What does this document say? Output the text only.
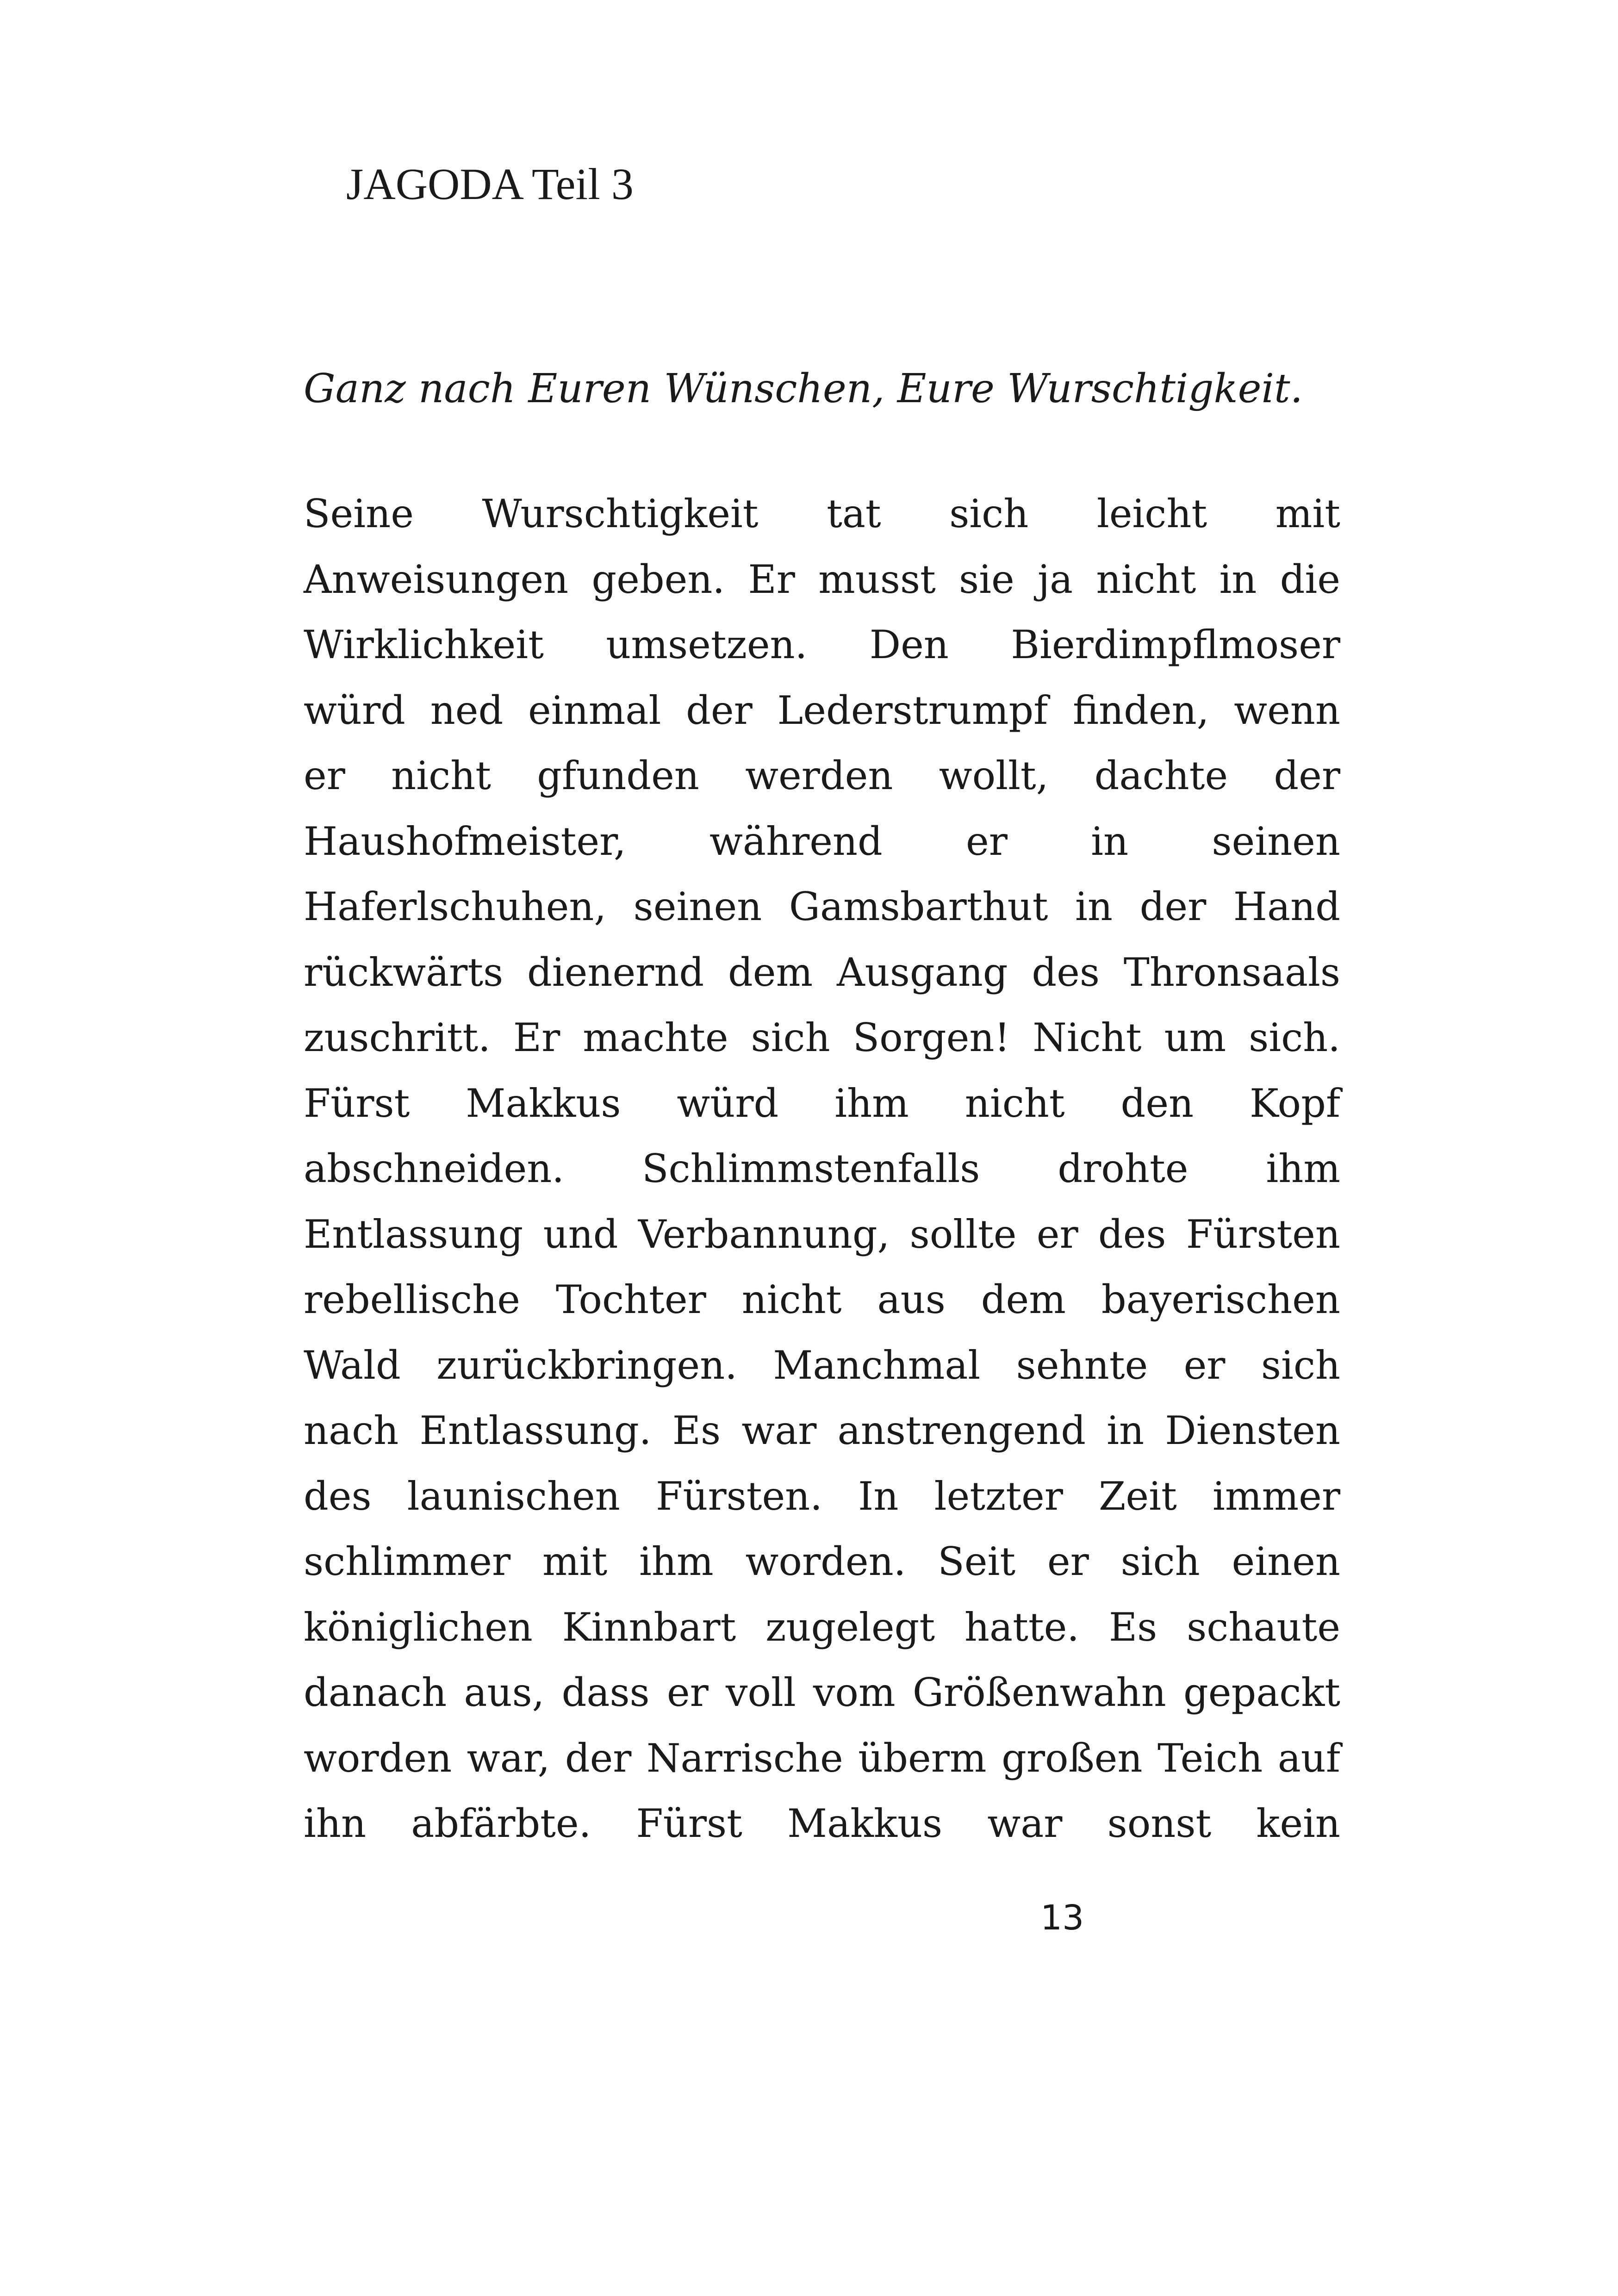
JAGODA Teil 3
Ganz nach Euren Wünschen, Eure Wurschtigkeit.
Seine Wurschtigkeit tat sich leicht mit
Anweisungen geben. Er musst sie ja nicht in die
Wirklichkeit umsetzen. Den Bierdimpflmoser
würd ned einmal der Lederstrumpf finden, wenn
er nicht gfunden werden wollt, dachte der
Haushofmeister, während er in seinen
Haferlschuhen, seinen Gamsbarthut in der Hand
rückwärts dienernd dem Ausgang des Thronsaals
zuschritt. Er machte sich Sorgen! Nicht um sich.
Fürst Makkus würd ihm nicht den Kopf
abschneiden. Schlimmstenfalls drohte ihm
Entlassung und Verbannung, sollte er des Fürsten
rebellische Tochter nicht aus dem bayerischen
Wald zurückbringen. Manchmal sehnte er sich
nach Entlassung. Es war anstrengend in Diensten
des launischen Fürsten. In letzter Zeit immer
schlimmer mit ihm worden. Seit er sich einen
königlichen Kinnbart zugelegt hatte. Es schaute
danach aus, dass er voll vom Größenwahn gepackt
worden war, der Narrische überm großen Teich auf
ihn abfärbte. Fürst Makkus war sonst kein
13
